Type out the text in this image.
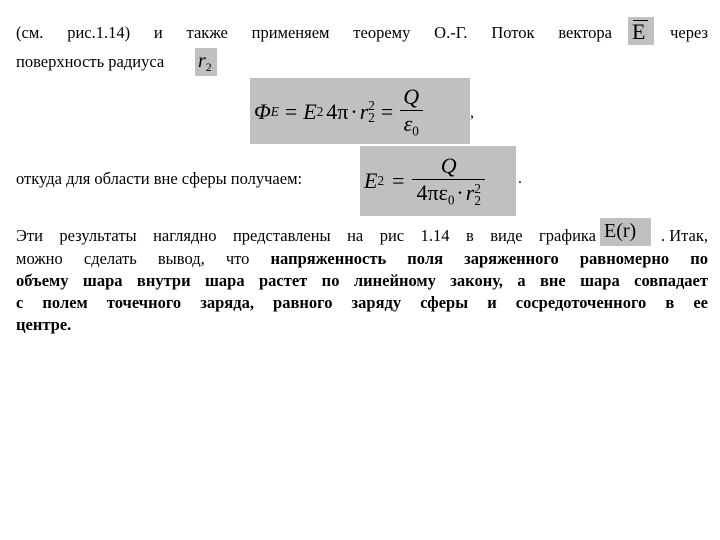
(см. рис.1.14) и также применяем теорему О.-Г. Поток вектора	через
E
поверхность радиуса $r_2$
Φ E = E 2 4π · r 2
$2 = \frac{Q}{\varepsilon_0}$	,
откуда для области вне сферы получаем:	E 2 = Q
$4\pi\varepsilon_0\cdot r$ 2
2 .
Эти результаты наглядно представлены на рис 1.14 в виде графика	. Итак,
E(r)
можно сделать вывод, что напряженность поля заряженного равномерно по
объему шара внутри шара растет по линейному закону, а вне шара совпадает
с полем точечного заряда, равного заряду сферы и сосредоточенного в ее
центре.
